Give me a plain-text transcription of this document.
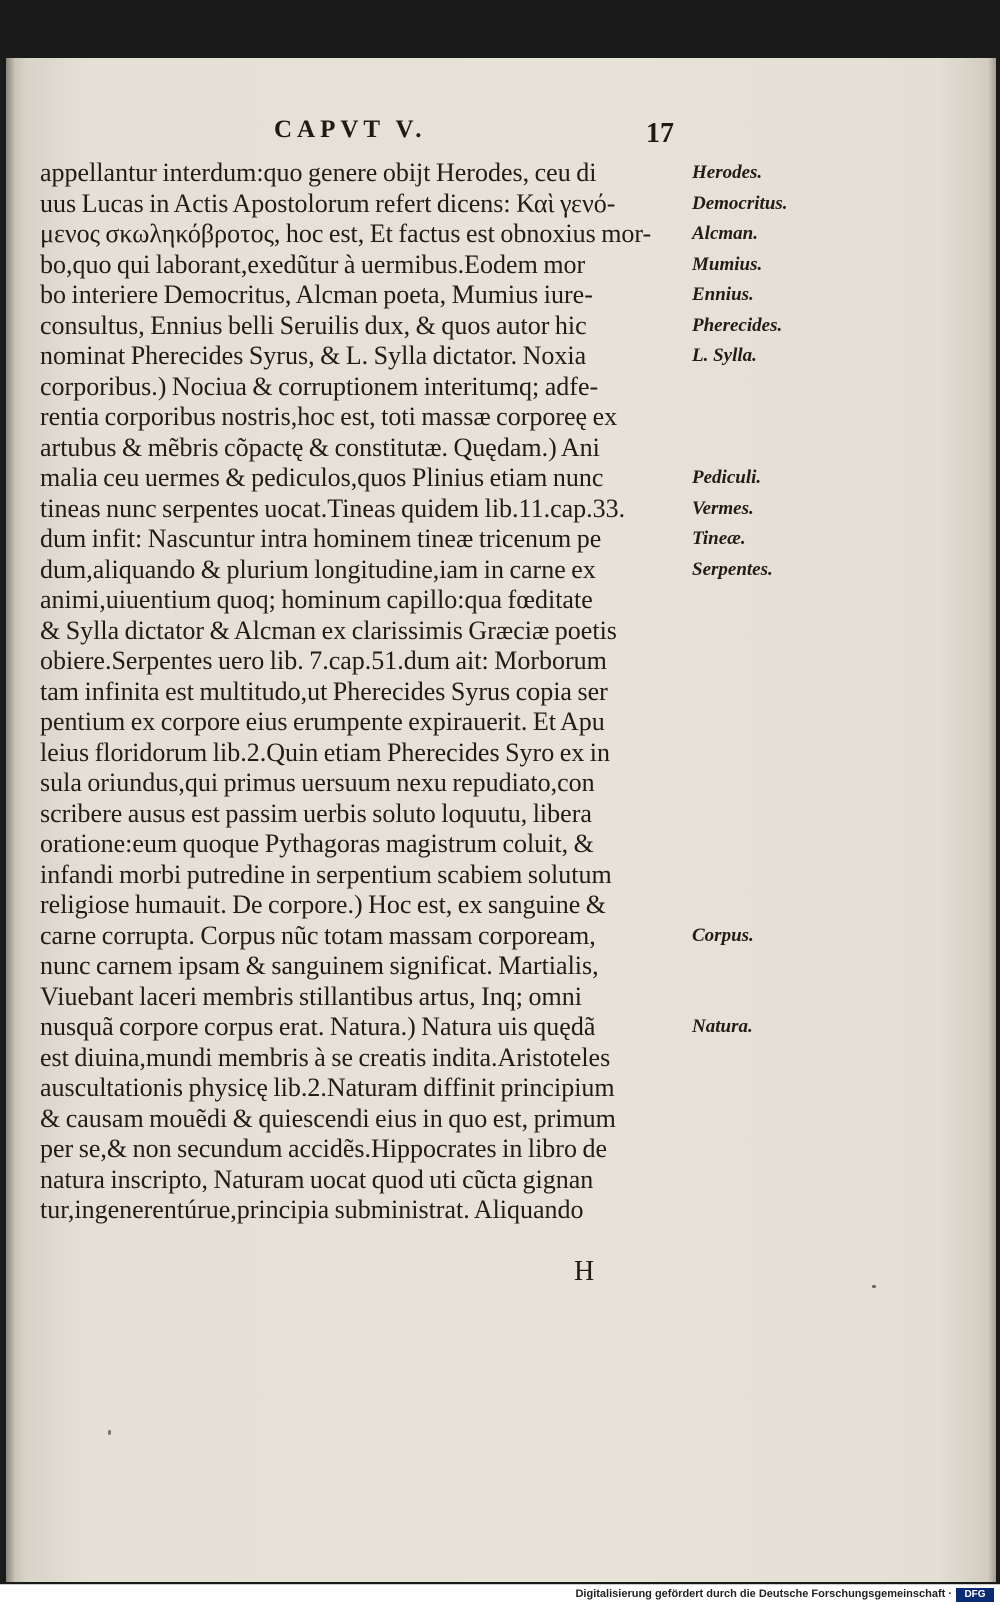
CAPVT V.	17
appellantur interdum:quo genere obijt Herodes, ceu di
uus Lucas in Actis Apostolorum refert dicens: Καὶ γενό-
μενος σκωληκόβροτος, hoc est, Et factus est obnoxius mor-
bo,quo qui laborant,exedũtur à uermibus.Eodem mor
bo interiere Democritus, Alcman poeta, Mumius iure-
consultus, Ennius belli Seruilis dux, & quos autor hic
nominat Pherecides Syrus, & L. Sylla dictator. Noxia
corporibus.) Nociua & corruptionem interitumq; adfe-
rentia corporibus nostris,hoc est, toti massæ corporeę ex
artubus & mẽbris cõpactę & constitutæ. Quędam.) Ani
malia ceu uermes & pediculos,quos Plinius etiam nunc
tineas nunc serpentes uocat.Tineas quidem lib.11.cap.33.
dum infit: Nascuntur intra hominem tineæ tricenum pe
dum,aliquando & plurium longitudine,iam in carne ex
animi,uiuentium quoq; hominum capillo:qua fœditate
& Sylla dictator & Alcman ex clarissimis Græciæ poetis
obiere.Serpentes uero lib. 7.cap.51.dum ait: Morborum
tam infinita est multitudo,ut Pherecides Syrus copia ser
pentium ex corpore eius erumpente expirauerit. Et Apu
leius floridorum lib.2.Quin etiam Pherecides Syro ex in
sula oriundus,qui primus uersuum nexu repudiato,con
scribere ausus est passim uerbis soluto loquutu, libera
oratione:eum quoque Pythagoras magistrum coluit, &
infandi morbi putredine in serpentium scabiem solutum
religiose humauit. De corpore.) Hoc est, ex sanguine &
carne corrupta. Corpus nũc totam massam corpoream,
nunc carnem ipsam & sanguinem significat. Martialis,
Viuebant laceri membris stillantibus artus, Inq; omni
nusquã corpore corpus erat. Natura.) Natura uis quędã
est diuina,mundi membris à se creatis indita.Aristoteles
auscultationis physicę lib.2.Naturam diffinit principium
& causam mouẽdi & quiescendi eius in quo est, primum
per se,& non secundum accidẽs.Hippocrates in libro de
natura inscripto, Naturam uocat quod uti cũcta gignan
tur,ingenerentúrue,principia subministrat. Aliquando
Herodes.
Democritus.
Alcman.
Mumius.
Ennius.
Pherecides.
L. Sylla.
Pediculi.
Vermes.
Tineæ.
Serpentes.
Corpus.
Natura.
H
Digitalisierung gefördert durch die Deutsche Forschungsgemeinschaft ·	DFG
